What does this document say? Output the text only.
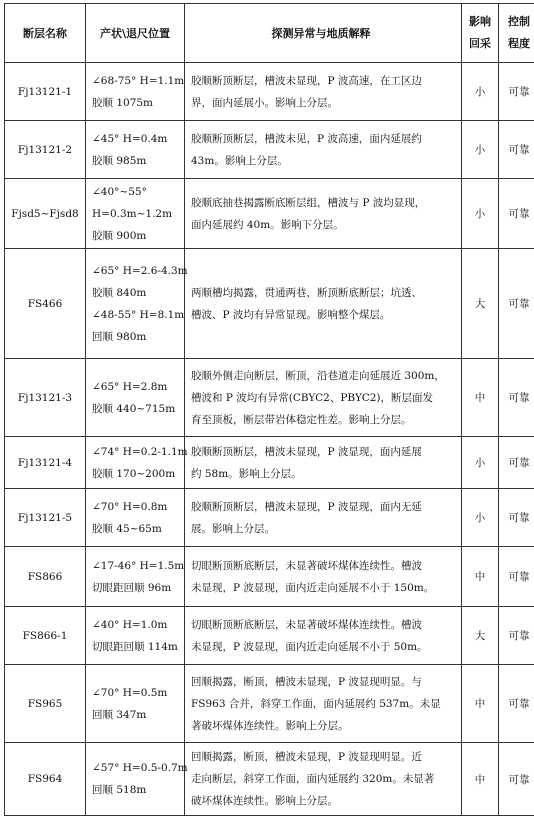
断层名称	产状\退尺位置	探测异常与地质解释	影响
回采	控制
程度

Fj13121-1	∠68-75° H=1.1m
胶顺 1075m	胶顺断顶断层，槽波未显现，P 波高速，在工区边
界，面内延展小。影响上分层。	小	可靠
Fj13121-2	∠45° H=0.4m
胶顺 985m	胶顺断顶断层，槽波未见，P 波高速，面内延展约
43m。影响上分层。	小	可靠
Fjsd5~Fjsd8	∠40°~55°
H=0.3m~1.2m
胶顺 900m	胶顺底抽巷揭露断底断层组，槽波与 P 波均显现，
面内延展约 40m。影响下分层。	小	可靠
FS466	∠65° H=2.6-4.3m
胶顺 840m
∠48-55° H=8.1m
回顺 980m	两顺槽均揭露，贯通两巷，断顶断底断层；坑透、
槽波、P 波均有异常显现。影响整个煤层。	大	可靠
Fj13121-3	∠65° H=2.8m
胶顺 440~715m	胶顺外侧走向断层，断顶，沿巷道走向延展近 300m，
槽波和 P 波均有异常(CBYC2、PBYC2)，断层面发
育至顶板，断层带岩体稳定性差。影响上分层。	中	可靠
Fj13121-4	∠74° H=0.2-1.1m
胶顺 170~200m	胶顺断顶断层，槽波未显现，P 波显现，面内延展
约 58m。影响上分层。	小	可靠
Fj13121-5	∠70° H=0.8m
胶顺 45~65m	胶顺断顶断层，槽波未显现，P 波显现，面内无延
展。影响上分层。	小	可靠
FS866	∠17-46° H=1.5m
切眼距回顺 96m	切眼断顶断底断层，未显著破坏煤体连续性。槽波
未显现，P 波显现，面内近走向延展不小于 150m。	中	可靠
FS866-1	∠40° H=1.0m
切眼距回顺 114m	切眼断顶断底断层，未显著破坏煤体连续性。槽波
未显现，P 波显现，面内近走向延展不小于 50m。	大	可靠
FS965	∠70° H=0.5m
回顺 347m	回顺揭露，断顶，槽波未显现，P 波显现明显。与
FS963 合并，斜穿工作面，面内延展约 537m。未显
著破坏煤体连续性。影响上分层。	中	可靠
FS964	∠57° H=0.5-0.7m
回顺 518m	回顺揭露，断顶，槽波未显现，P 波显现明显。近
走向断层，斜穿工作面，面内延展约 320m。未显著
破坏煤体连续性。影响上分层。	中	可靠
